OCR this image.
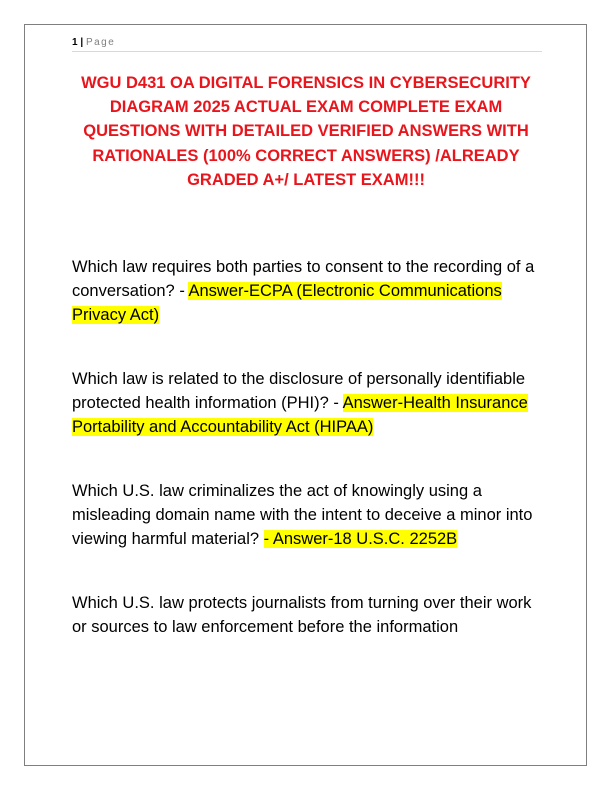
1 | Page
WGU D431 OA DIGITAL FORENSICS IN CYBERSECURITY DIAGRAM 2025 ACTUAL EXAM COMPLETE EXAM QUESTIONS WITH DETAILED VERIFIED ANSWERS WITH RATIONALES (100% CORRECT ANSWERS) /ALREADY GRADED A+/ LATEST EXAM!!!

Which law requires both parties to consent to the recording of a conversation? - Answer-ECPA (Electronic Communications Privacy Act)

Which law is related to the disclosure of personally identifiable protected health information (PHI)? - Answer-Health Insurance Portability and Accountability Act (HIPAA)

Which U.S. law criminalizes the act of knowingly using a misleading domain name with the intent to deceive a minor into viewing harmful material? - Answer-18 U.S.C. 2252B

Which U.S. law protects journalists from turning over their work or sources to law enforcement before the information
